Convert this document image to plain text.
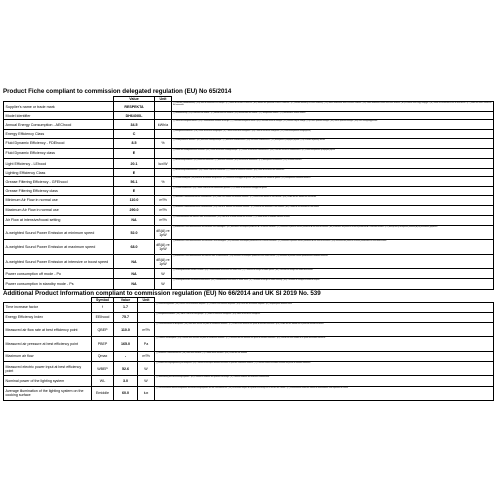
Product Fiche compliant to commission delegated regulation (EU) No 65/2014
	Value	Unit	
Supplier's name or trade mark	RESPEKTA		(*) Lieferant (Handelsmarke) / (FR) Nom du fournisseur ou marque / (IT) Nome del fornitore o marchio / (ES) Nombre del proveedor o marca comercial / (PL) Nazwa dostawcy lub znak handlowy / (CS) Název dodavatele nebo ochranná známka / (SK) Názov dodávateľa alebo ochranná známka / (HU) A szállító neve vagy védjegye / (NL) Naam of handelsmerk van de leverancier / (PT) Nome ou marca comercial do fornecedor
Model identifier	DH640IXL		(*) Modellkennung / (FR) Référence du modèle / (IT) Identificativo del modello / (ES) Identificador del modelo / (PL) Identyfikator modelu / (CS) Identifikační značka modelu
Annual Energy Consumption - AEChood	34.5	kWh/a	(*) Jährlicher Energieverbrauch / (FR) Consommation annuelle d'énergie / (IT) Consumo energetico annuo / (ES) Consumo anual de energía / (PL) Roczne zużycie energii / (CS) Roční spotřeba energie / (SK) Ročná spotreba energie / (HU) Éves energiafogyasztás
Energy Efficiency Class	C		(*) Energieeffizienzklasse / (FR) Classe d'efficacité énergétique / (IT) Classe di efficienza energetica / (ES) Clase de eficiencia energética / (PL) Klasa efektywności energetycznej
Fluid Dynamic Efficiency - FDEhood	8.5	%	(*) Fluiddynamische Effizienz / (FR) Efficacité fluidodynamique / (IT) Efficienza fluidodinamica / (ES) Eficiencia fluidodinámica / (PL) Efektywność przepływu płynów / (CS) Účinnost dynamiky tekutin
Fluid Dynamic Efficiency class	E		(*) Klasse der fluiddynamischen Effizienz / (FR) Classe d'efficacité fluidodynamique / (IT) Classe di efficienza fluidodinamica / (ES) Clase de eficiencia fluidodinámica / (PL) Klasa efektywności przepływu płynów
Light Efficiency - LEhood	20.1	lux/W	(*) Beleuchtungseffizienz / (FR) Efficacité lumineuse / (IT) Efficienza luminosa / (ES) Eficiencia de iluminación / (PL) Efektywność oświetlenia / (CS) Účinnost osvětlení
Lighting Efficiency Class	E		(*) Beleuchtungseffizienzklasse / (FR) Classe d'efficacité lumineuse / (IT) Classe di efficienza luminosa / (ES) Clase de eficiencia de iluminación
Grease Filtering Efficiency - GFEhood	56.1	%	(*) Fettabscheidegrad / (FR) Efficacité de filtration des graisses / (IT) Efficienza di filtraggio dei grassi / (ES) Eficiencia de filtrado de grasas / (PL) Efektywność filtrowania tłuszczu
Grease Filtering Efficiency class	E		(*) Fettabscheideklasse / (FR) Classe d'efficacité de filtration des graisses / (IT) Classe di efficienza di filtraggio dei grassi
Minimum Air Flow in normal use	110.0	m³/h	(*) Minimaler Luftvolumenstrom bei Normalbetrieb / (FR) Débit d'air minimal en utilisation normale / (IT) Portata d'aria minima in uso normale / (ES) Caudal de aire mínimo en uso normal
Maximum Air Flow in normal use	290.0	m³/h	(*) Maximaler Luftvolumenstrom bei Normalbetrieb / (FR) Débit d'air maximal en utilisation normale / (IT) Portata d'aria massima in uso normale / (ES) Caudal de aire máximo en uso normal
Air Flow at intensive/boost setting	NA	m³/h	(*) Luftvolumenstrom bei Intensiv- oder Schnelllaufstufe / (FR) Débit d'air en mode intensif ou accéléré / (IT) Portata d'aria in modalità intensiva o boost
A-weighted Sound Power Emission at minimum speed	52.0	dB(A) re 1pW	(*) A-bewertete Luftschallemissionen bei minimaler Geschwindigkeit / (FR) Émissions acoustiques pondérées A à la vitesse minimale / (IT) Emissioni di potenza sonora ponderata A alla velocità minima / (ES) Emisiones de potencia acústica ponderada A a velocidad mínima / (PL) Emisja mocy akustycznej ważonej A przy minimalnej prędkości
A-weighted Sound Power Emission at maximum speed	68.0	dB(A) re 1pW	(*) A-bewertete Luftschallemissionen bei maximaler Geschwindigkeit / (FR) Émissions acoustiques pondérées A à la vitesse maximale / (IT) Emissioni di potenza sonora ponderata A alla velocità massima / (ES) Emisiones de potencia acústica ponderada A a velocidad máxima
A-weighted Sound Power Emission at intensive or boost speed	NA	dB(A) re 1pW	(*) A-bewertete Luftschallemissionen bei Intensiv- oder Schnelllaufstufe / (FR) Émissions acoustiques pondérées A en mode intensif / (IT) Emissioni di potenza sonora ponderata A in modalità intensiva
Power consumption off mode - Po	NA	W	(*) Leistungsaufnahme im Aus-Zustand / (FR) Consommation d'électricité en mode arrêt / (IT) Consumo di energia in modo spento / (ES) Consumo de energía en modo desactivado
Power consumption in standby mode - Ps	NA	W	(*) Leistungsaufnahme im Bereitschaftszustand / (FR) Consommation d'électricité en mode veille / (IT) Consumo di energia in modo stand-by / (ES) Consumo de energía en modo de espera
Additional Product Information compliant to commission regulation (EU) No 66/2014 and UK SI 2019 No. 539
	Symbol	Value	Unit	
Time increase factor	f	1.7		(*) Zeiterhöhungsfaktor / (FR) Facteur d'accroissement temporel / (IT) Fattore di incremento temporale / (ES) Factor de incremento temporal / (PL) Współczynnik wzrostu czasu
Energy Efficiency Index	EEIhood	75.7		(*) Energieeffizienzindex / (FR) Indice d'efficacité énergétique / (IT) Indice di efficienza energetica / (ES) Índice de eficiencia energética
Measured air flow rate at best efficiency point	QBEP	110.0	m³/h	(*) Luftvolumenstrom im Bestpunkt / (FR) Débit d'air mesuré au point de rendement maximal / (IT) Portata d'aria misurata nel punto di massima efficienza / (ES) Caudal de aire medido en el punto de máxima eficiencia
Measured air pressure at best efficiency point	PBEP	165.0	Pa	(*) Luftdruck im Bestpunkt / (FR) Pression d'air mesurée au point de rendement maximal / (IT) Pressione dell'aria misurata nel punto di massima efficienza / (ES) Presión del aire medida en el punto de máxima eficiencia
Maximum air flow	Qmax	-	m³/h	(*) Maximaler Luftvolumenstrom / (FR) Débit d'air maximal / (IT) Portata d'aria massima / (ES) Caudal de aire máximo
Measured electric power input at best efficiency point	WBEP	52.6	W	(*) Elektrische Eingangsleistung im Bestpunkt / (FR) Puissance électrique absorbée mesurée au point de rendement maximal / (IT) Potenza elettrica assorbita misurata nel punto di massima efficienza
Nominal power of the lighting system	WL	3.0	W	(*) Nennleistung des Beleuchtungssystems / (FR) Puissance nominale du système d'éclairage / (IT) Potenza nominale del sistema di illuminazione
Average illumination of the lighting system on the cooking surface	Emiddle	60.0	lux	(*) Durchschnittliche Beleuchtungsstärke des Beleuchtungssystems auf der Kochoberfläche / (FR) Éclairement moyen du système d'éclairage sur la surface de cuisson / (IT) Illuminamento medio del sistema di illuminazione sulla superficie di cottura
